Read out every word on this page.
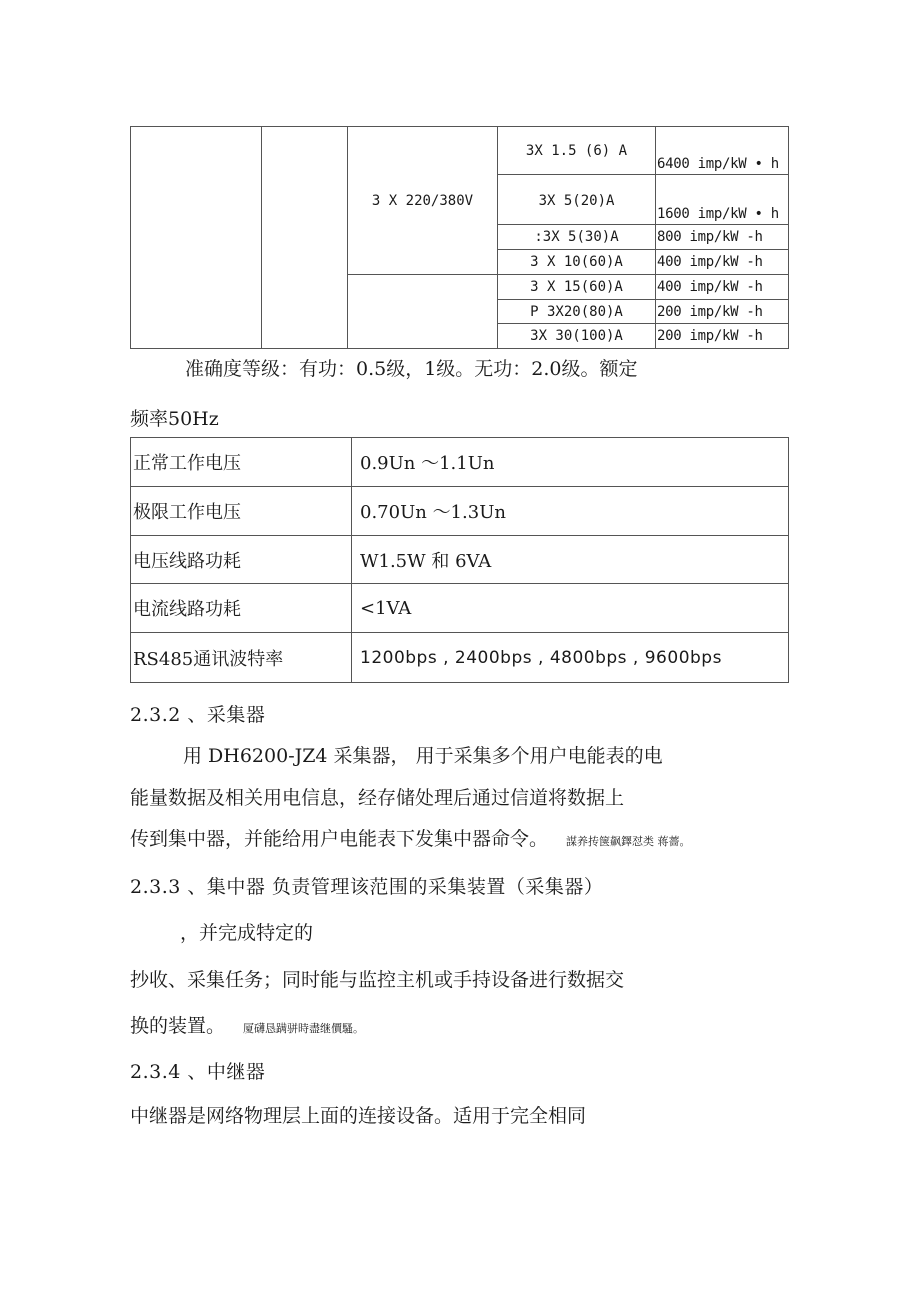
		3 X 220/380V	3X 1.5 (6) A	6400 imp/kW • h
			3X 5(20)A	1600 imp/kW • h
			:3X 5(30)A	800 imp/kW -h
			3 X 10(60)A	400 imp/kW -h
			3 X 15(60)A	400 imp/kW -h
			P 3X20(80)A	200 imp/kW -h
			3X 30(100)A	200 imp/kW -h
准确度等级：有功：0.5级，1级。无功：2.0级。额定
频率50Hz
正常工作电压	0.9Un ～1.1Un
极限工作电压	0.70Un ～1.3Un
电压线路功耗	W1.5W 和 6VA
电流线路功耗	<1VA
RS485通讯波特率	1200bps , 2400bps , 4800bps , 9600bps
2.3.2 、采集器
用 DH6200-JZ4 采集器， 用于采集多个用户电能表的电
能量数据及相关用电信息，经存储处理后通过信道将数据上
传到集中器，并能给用户电能表下发集中器命令。 謀养抟箧飙鐸怼类 蒋薔。
2.3.3 、集中器 负责管理该范围的采集装置（采集器）
，并完成特定的
抄收、采集任务；同时能与监控主机或手持设备进行数据交
换的装置。 厦礴恳蹒骈時盡继價騷。
2.3.4 、中继器
中继器是网络物理层上面的连接设备。适用于完全相同
